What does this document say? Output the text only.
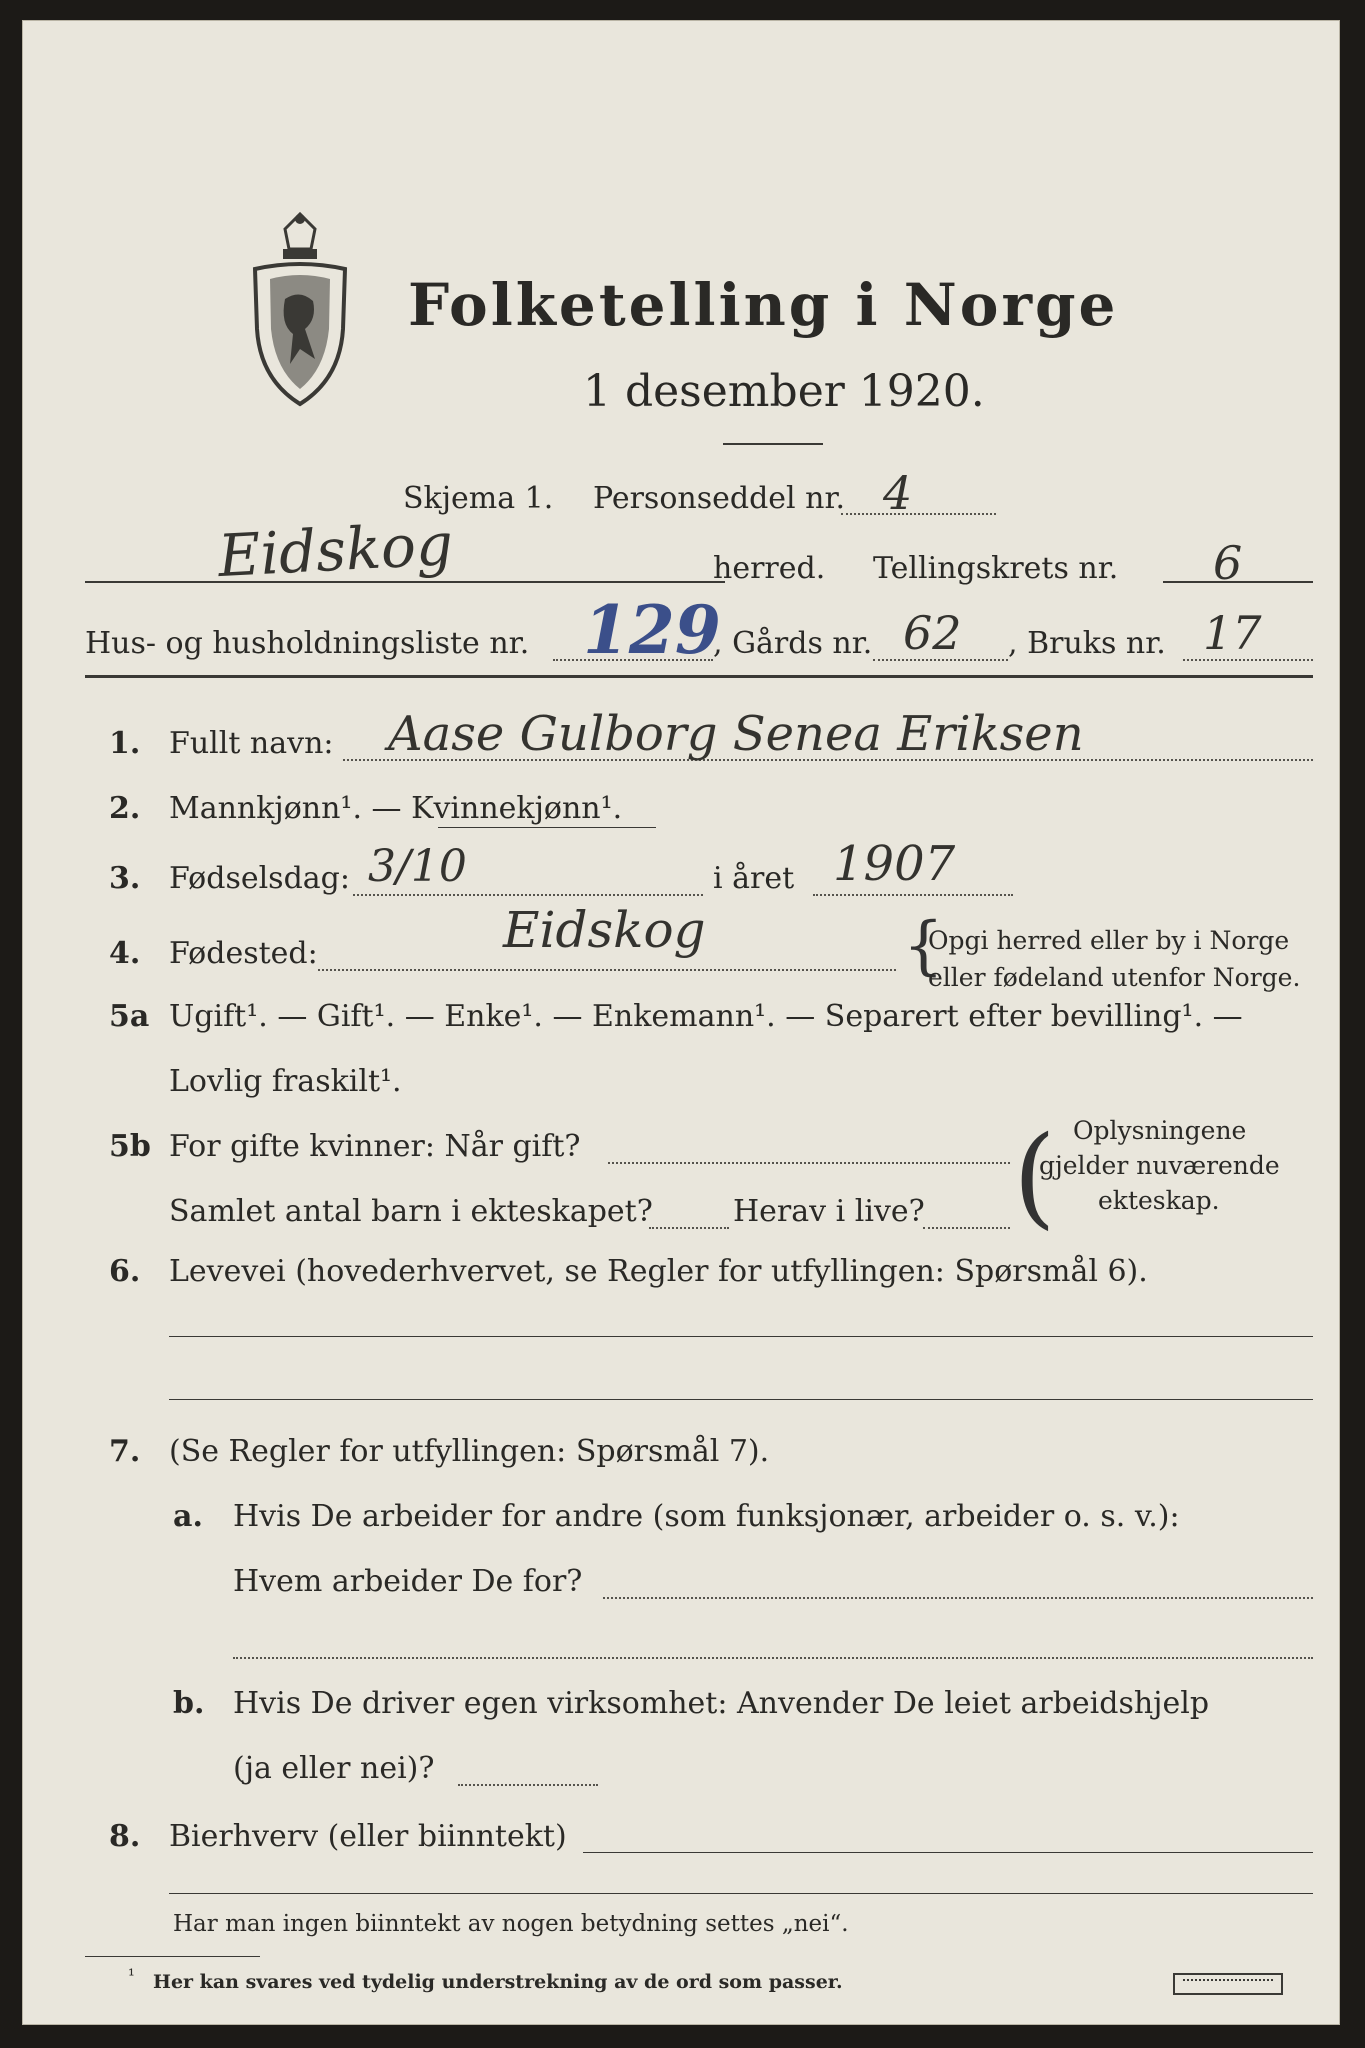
Folketelling i Norge
1 desember 1920.
Skjema 1. Personseddel nr. 4
Eidskog	herred. Tellingskrets nr. 6
Hus- og husholdningsliste nr. 129
, Gårds nr. 62 , Bruks nr. 17
1. Fullt navn: Aase Gulborg Senea Eriksen
2. Mannkjønn¹. — Kvinnekjønn¹.
3. Fødselsdag: 3/10	i året 1907
4. Fødested:	Eidskog	{
Opgi herred eller by i Norge
eller fødeland utenfor Norge.
5a Ugift¹. — Gift¹. — Enke¹. — Enkemann¹. — Separert efter bevilling¹. —
Lovlig fraskilt¹.
5b For gifte kvinner: Når gift?
Samlet antal barn i ekteskapet?	Herav i live? ( Oplysningene
gjelder nuværende
ekteskap.
6. Levevei (hovederhvervet, se Regler for utfyllingen: Spørsmål 6).
7. (Se Regler for utfyllingen: Spørsmål 7).
a. Hvis De arbeider for andre (som funksjonær, arbeider o. s. v.):
Hvem arbeider De for?
b. Hvis De driver egen virksomhet: Anvender De leiet arbeidshjelp
(ja eller nei)?
8. Bierhverv (eller biinntekt)
Har man ingen biinntekt av nogen betydning settes „nei“.
¹ Her kan svares ved tydelig understrekning av de ord som passer.
